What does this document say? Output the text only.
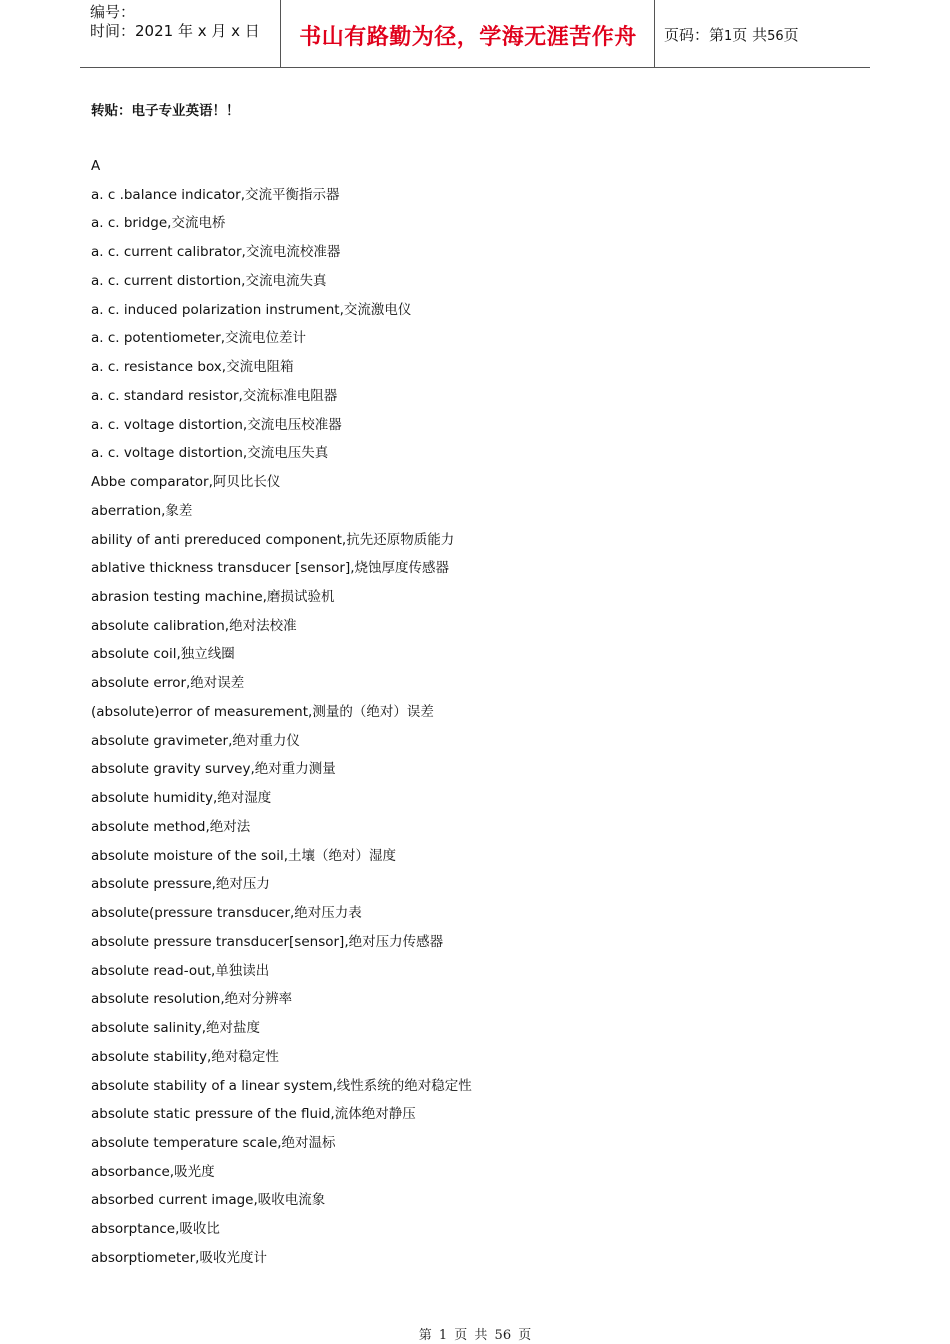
编号：
时间：2021 年 x 月 x 日	书山有路勤为径，学海无涯苦作舟	页码：第1页 共56页
转贴：电子专业英语！！
A
a. c .balance indicator,交流平衡指示器
a. c. bridge,交流电桥
a. c. current calibrator,交流电流校准器
a. c. current distortion,交流电流失真
a. c. induced polarization instrument,交流激电仪
a. c. potentiometer,交流电位差计
a. c. resistance box,交流电阻箱
a. c. standard resistor,交流标准电阻器
a. c. voltage distortion,交流电压校准器
a. c. voltage distortion,交流电压失真
Abbe comparator,阿贝比长仪
aberration,象差
ability of anti prereduced component,抗先还原物质能力
ablative thickness transducer [sensor],烧蚀厚度传感器
abrasion testing machine,磨损试验机
absolute calibration,绝对法校准
absolute coil,独立线圈
absolute error,绝对误差
(absolute)error of measurement,测量的（绝对）误差
absolute gravimeter,绝对重力仪
absolute gravity survey,绝对重力测量
absolute humidity,绝对湿度
absolute method,绝对法
absolute moisture of the soil,土壤（绝对）湿度
absolute pressure,绝对压力
absolute(pressure transducer,绝对压力表
absolute pressure transducer[sensor],绝对压力传感器
absolute read-out,单独读出
absolute resolution,绝对分辨率
absolute salinity,绝对盐度
absolute stability,绝对稳定性
absolute stability of a linear system,线性系统的绝对稳定性
absolute static pressure of the fluid,流体绝对静压
absolute temperature scale,绝对温标
absorbance,吸光度
absorbed current image,吸收电流象
absorptance,吸收比
absorptiometer,吸收光度计
第 1 页 共 56 页
